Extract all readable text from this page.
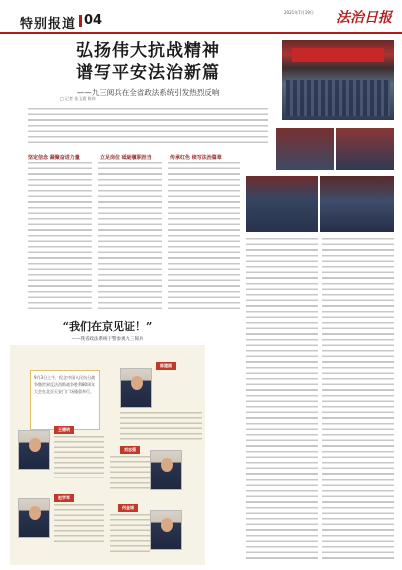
特别报道 04
2021年7月19日	法治日报
弘扬伟大抗战精神
谱写平安法治新篇
——九三阅兵在全省政法系统引发热烈反响
□ 记者 张玉霞 陈伟
坚定信念 凝聚奋进力量	立足岗位 砥砺履职担当	传承红色 续写法治篇章
“我们在京见证！”
——我省政法系统干警参观九三阅兵
9月3日上午，纪念中国人民抗日战争暨世界反法西斯战争胜利80周年大会在北京天安门广场隆重举行。
陈建国
王德明
刘志强
赵学军
何金城
